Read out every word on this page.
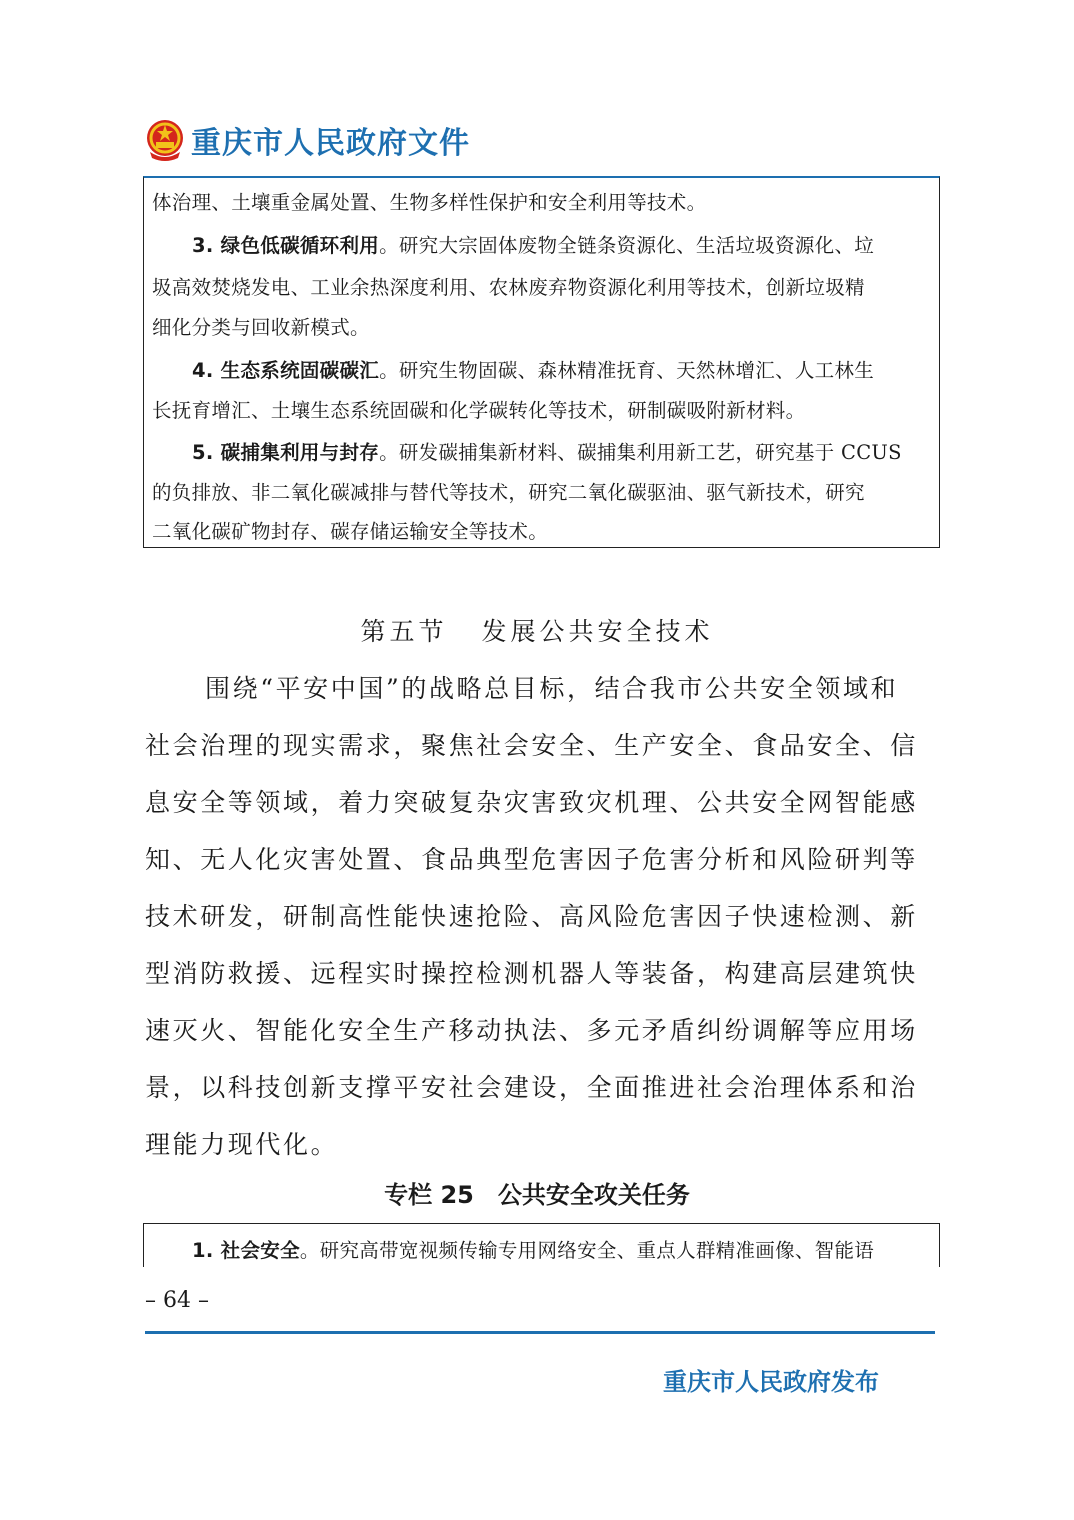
重庆市人民政府文件
体治理、土壤重金属处置、生物多样性保护和安全利用等技术。
3. 绿色低碳循环利用。研究大宗固体废物全链条资源化、生活垃圾资源化、垃
圾高效焚烧发电、工业余热深度利用、农林废弃物资源化利用等技术，创新垃圾精
细化分类与回收新模式。
4. 生态系统固碳碳汇。研究生物固碳、森林精准抚育、天然林增汇、人工林生
长抚育增汇、土壤生态系统固碳和化学碳转化等技术，研制碳吸附新材料。
5. 碳捕集利用与封存。研发碳捕集新材料、碳捕集利用新工艺，研究基于 CCUS
的负排放、非二氧化碳减排与替代等技术，研究二氧化碳驱油、驱气新技术，研究
二氧化碳矿物封存、碳存储运输安全等技术。
第五节 发展公共安全技术
围绕“平安中国”的战略总目标，结合我市公共安全领域和
社会治理的现实需求，聚焦社会安全、生产安全、食品安全、信
息安全等领域，着力突破复杂灾害致灾机理、公共安全网智能感
知、无人化灾害处置、食品典型危害因子危害分析和风险研判等
技术研发，研制高性能快速抢险、高风险危害因子快速检测、新
型消防救援、远程实时操控检测机器人等装备，构建高层建筑快
速灭火、智能化安全生产移动执法、多元矛盾纠纷调解等应用场
景，以科技创新支撑平安社会建设，全面推进社会治理体系和治
理能力现代化。
专栏 25 公共安全攻关任务
1. 社会安全。研究高带宽视频传输专用网络安全、重点人群精准画像、智能语
– 64 –
重庆市人民政府发布
